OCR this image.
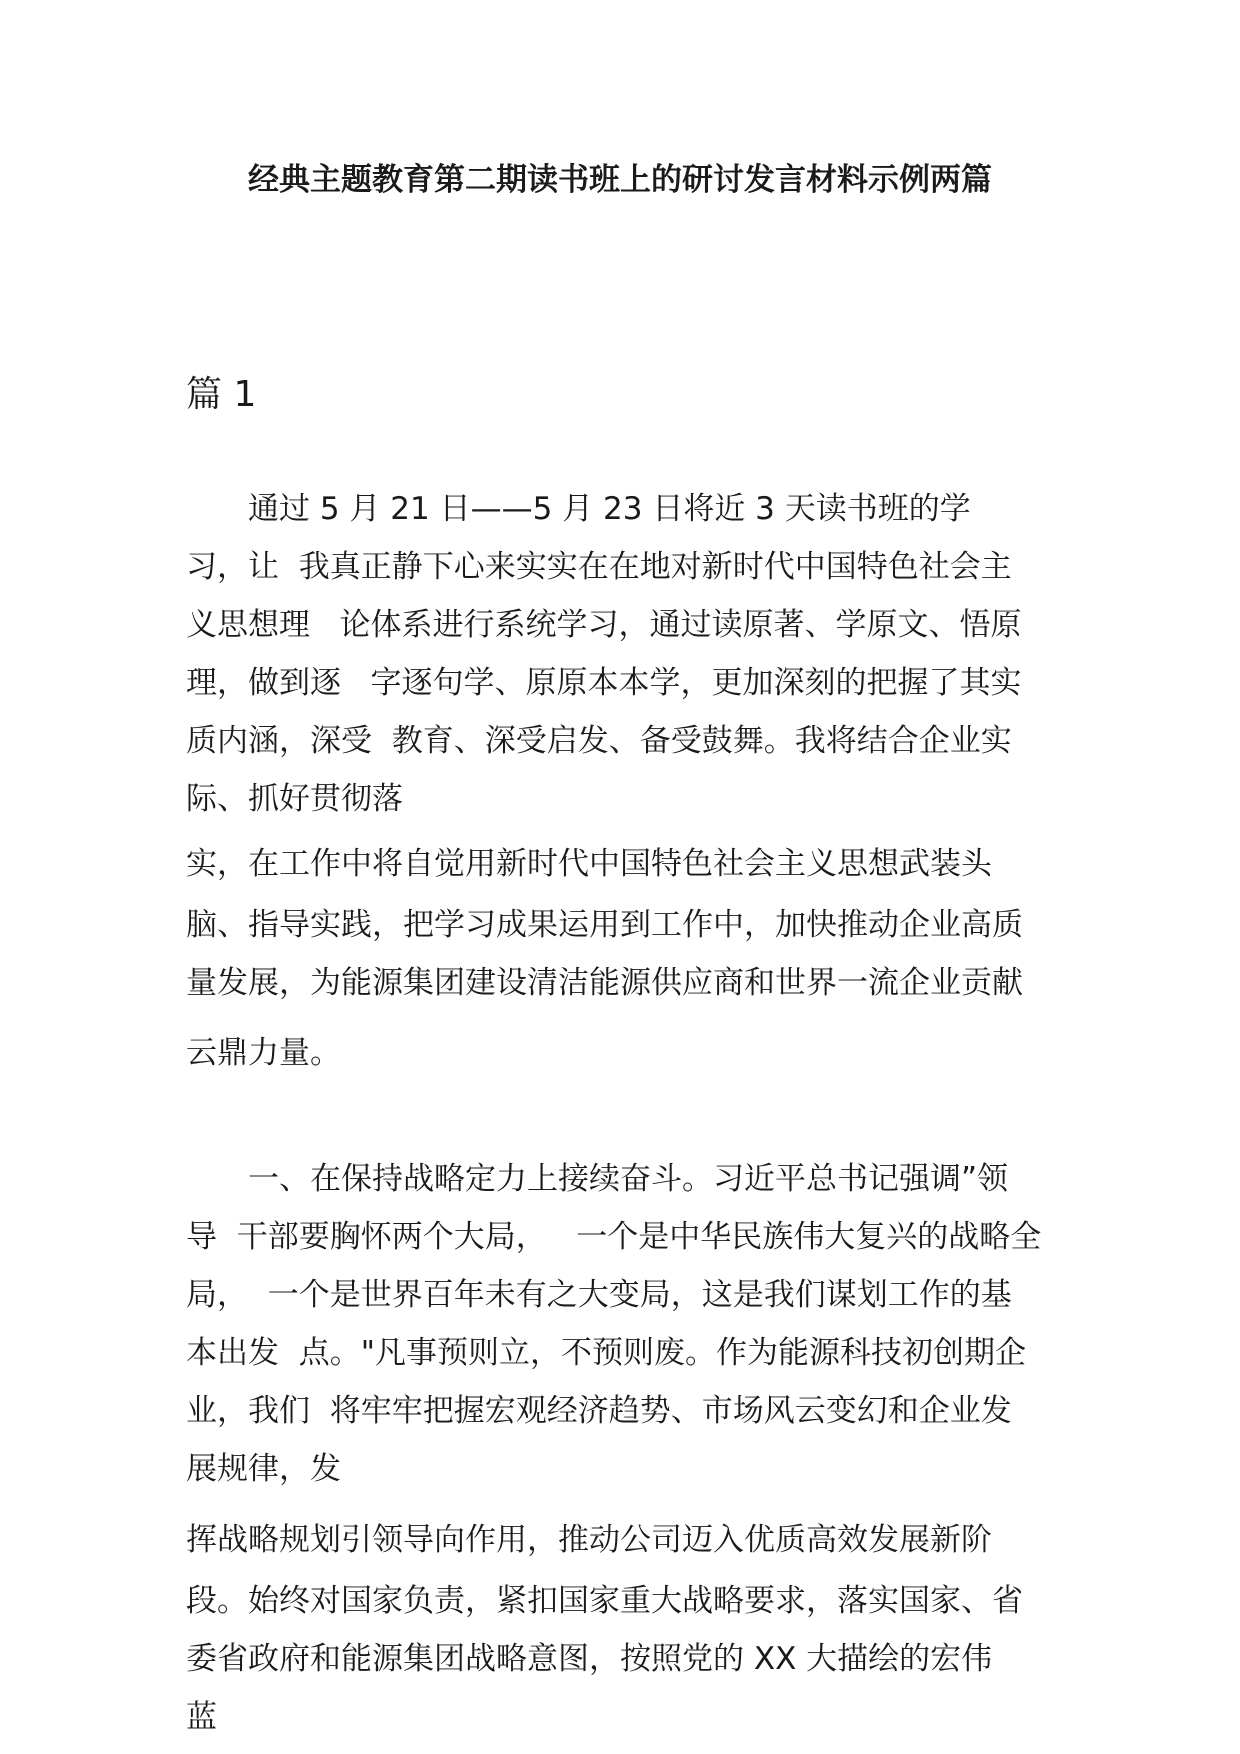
经典主题教育第二期读书班上的研讨发言材料示例两篇
篇 1
通过 5 月 21 日——5 月 23 日将近 3 天读书班的学
习，让  我真正静下心来实实在在地对新时代中国特色社会主
义思想理   论体系进行系统学习，通过读原著、学原文、悟原
理，做到逐   字逐句学、原原本本学，更加深刻的把握了其实
质内涵，深受  教育、深受启发、备受鼓舞。我将结合企业实
际、抓好贯彻落
实，在工作中将自觉用新时代中国特色社会主义思想武装头
脑、指导实践，把学习成果运用到工作中，加快推动企业高质
量发展，为能源集团建设清洁能源供应商和世界一流企业贡献
云鼎力量。
一、在保持战略定力上接续奋斗。习近平总书记强调”领
导  干部要胸怀两个大局，   一个是中华民族伟大复兴的战略全
局，  一个是世界百年未有之大变局，这是我们谋划工作的基
本出发  点。"凡事预则立，不预则废。作为能源科技初创期企
业，我们  将牢牢把握宏观经济趋势、市场风云变幻和企业发
展规律，发
挥战略规划引领导向作用，推动公司迈入优质高效发展新阶
段。始终对国家负责，紧扣国家重大战略要求，落实国家、省
委省政府和能源集团战略意图，按照党的 XX 大描绘的宏伟
蓝
